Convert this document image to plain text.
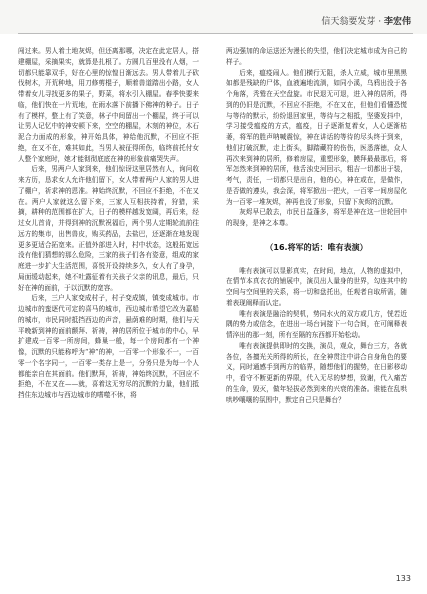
信天翁要发芽 · 李宏伟

闯过来。男人着土地灰烬，但还离那哪，决定在此定居人，搭建棚屋，采摘果实，就算是扎根了。方圆几百里没有人烟，一切都只能靠双手，好在心里的惊惶日渐远去。男人带着儿子砍伐树木，开荒种地，用刀修剪棍子，顺着兽道踏出小路，女人带着女儿寻找更多的果子，野菜，将水引入棚屋。春季快要来临，他们快在一片荒地，在雨水落下前播下佛神的种子。日子有了模样，整上有了笑意，林子中间留出一个棚屋，终于可以让男人记忆中的神安顿下来，空空的棚屋，木刻的神位，木石泥合力面成的形象，神开始具体，神给他沉默，不回应不拒绝，在又不在，难其如此，当男人被征得所伤，临终前托付女人整个家庭时，她才能彻彻底底在神的形象前痛哭失声。

后来，男两户人家到来，他们惊讶这里居然有人，询问收来方历，恳求女人允许他们留下，女人带着两户人家的男人进了棚户，祈求神的恩准。神始终沉默，不回应不拒绝，不在又在。两户人家就这么留下来，三家人互相扶持着，狩猎，采摘，耕种的范围都在扩大，日子的模样越发宽阔，再后来，经过女儿首肯，并得到神的沉默祝福后，两个男人定期轮流前往远方的集市，出售兽皮，购买药品，去盐巴，还逐渐在地发现更多更适合拓宽来。正值外部进入时，村中状态，这般拓宽远没有他们猜想的那么危险，三家的孩子们各有姿意，组成的家庭进一步扩大生活范围，喜悦开设持续多久，女人有了身孕，局面缓动起来，她不吐露征着有关孩子父亲的讯息，最后，只好在神的面前，于以沉默的宽容。

后来，三户人家变成村子，村子变成镇，镇变成城市。市边城市的蛮逐代可定的喜马的城市，西边城市希望它改为嘉船的城市，市民同时抵挡西边的声音，悬荫难的时期，他们与天平晚新到神的面前颤拜、祈祷，神的居所位于城市的中心，早扩建成一百零一所房间，蜂巢一般，每一个房间都有一个神像，沉默的只能称呼为“神”的神，一百零一个形象不一，一百零一个名字同一，一百零一类存上是一，分务只是为每一个人都能亲自在其面前。他们默拜，祈祷，神始终沉默，不回应不拒绝，不在又在——就，喜着这无穷尽的沉默的力量，他们抵挡住东边城市与西边城市的嗜噬不休，将

两边强加的命运送还为漫长的失望，他们决定城市成为自己的样子。

后来，瘟疫闹人。他们横行无阻，杀人立威，城市里黑黑如都是残缺的尸体，血液遍地流淌，如同小溪，乌鸦出没于各个角落，秃鹫在天空盘旋。市民退无可退，进入神的居所，得到的仍旧是沉默，不回应不拒绝，不在又在，但他们看懂恐慌与等待的默示，纷纷退回家里，等待与之相抵，坚婆发抖中，学习接受瘟疫的方式，瘟疫，日子逐渐复着女，人心逐渐枯萎，将军的胜声呐喊震惊，神在讲话的等待的尽头终于到来，他们打破沉默，走上街头，脚踏藏符的伤伤，医悉落徳，众人再次来到神的居所，修着房屋，重塑形象，膜拜最最那后，将军怎然来到神的居所，他舌浊史河回示，粗吉一切都出于装，考气，责任，一切都只是出自，他的心，神在或在，是做作，是否做的遵头，我会深，将军掀出一把火，一百零一间房屋化为一百零一堆灰烬，神再也没了形象，只留下灰烬的沉默。

灰烬早已散去，市民日益蓬多，将军是神在这一世轮回中的现身，是神之本尊。

（16.将军的话：唯有表演）

唯有表演可以显影真实，在时间，地点，人物的虚拟中，在情节本真衣衣的铺展中，演员出人量身的世界，勾连其中的空间与空间里的关系，将一切和盘托出，任观者自取所需，随着表现阐释而认定。

唯有表演是融洽的契机，势同水火的双方或几方，恍若近隅的势力或信念，在进出一场台词接下一句合间，在可阐释表情淬出的那一刻，所有至隔的东西都开始松动。

唯有表演提供即时的交换，演员，观众，舞台三方，各就各位，各擅光关所得的所长，在全神贯注中讲合自身角色的要义，同时通感手到两方的临界，随想他们的握势，在日影移动中，看守不断更新的界限，代入无尽的梦想，致谢，代入痛苦的生命，毁灭，做年轻拔必然到来的兴衰的准备。谁能在乱哄哄吵嚷嚷的氛围中，默定自己只是舞台？

133
